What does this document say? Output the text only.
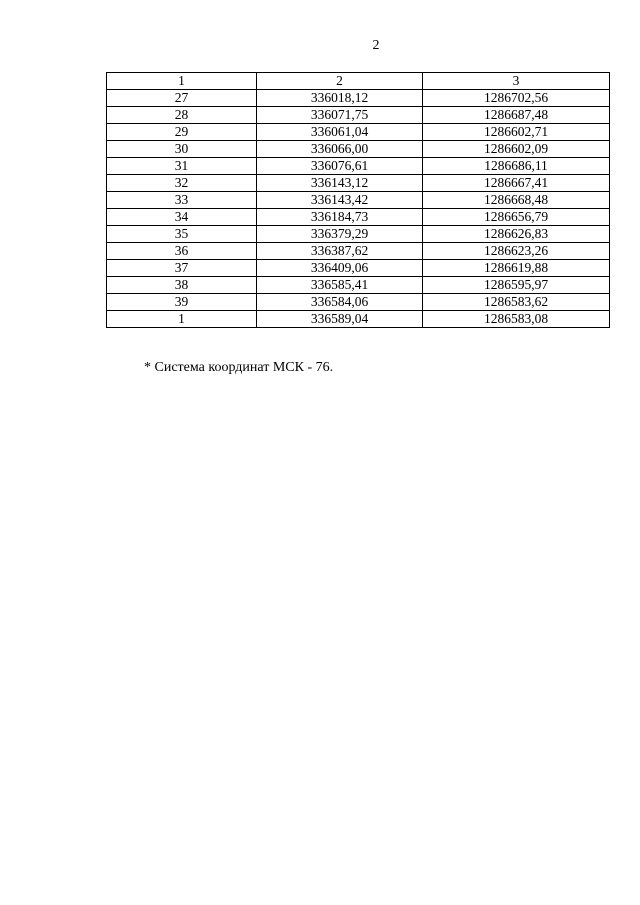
2
1	2	3
27	336018,12	1286702,56
28	336071,75	1286687,48
29	336061,04	1286602,71
30	336066,00	1286602,09
31	336076,61	1286686,11
32	336143,12	1286667,41
33	336143,42	1286668,48
34	336184,73	1286656,79
35	336379,29	1286626,83
36	336387,62	1286623,26
37	336409,06	1286619,88
38	336585,41	1286595,97
39	336584,06	1286583,62
1	336589,04	1286583,08
* Система координат МСК - 76.
